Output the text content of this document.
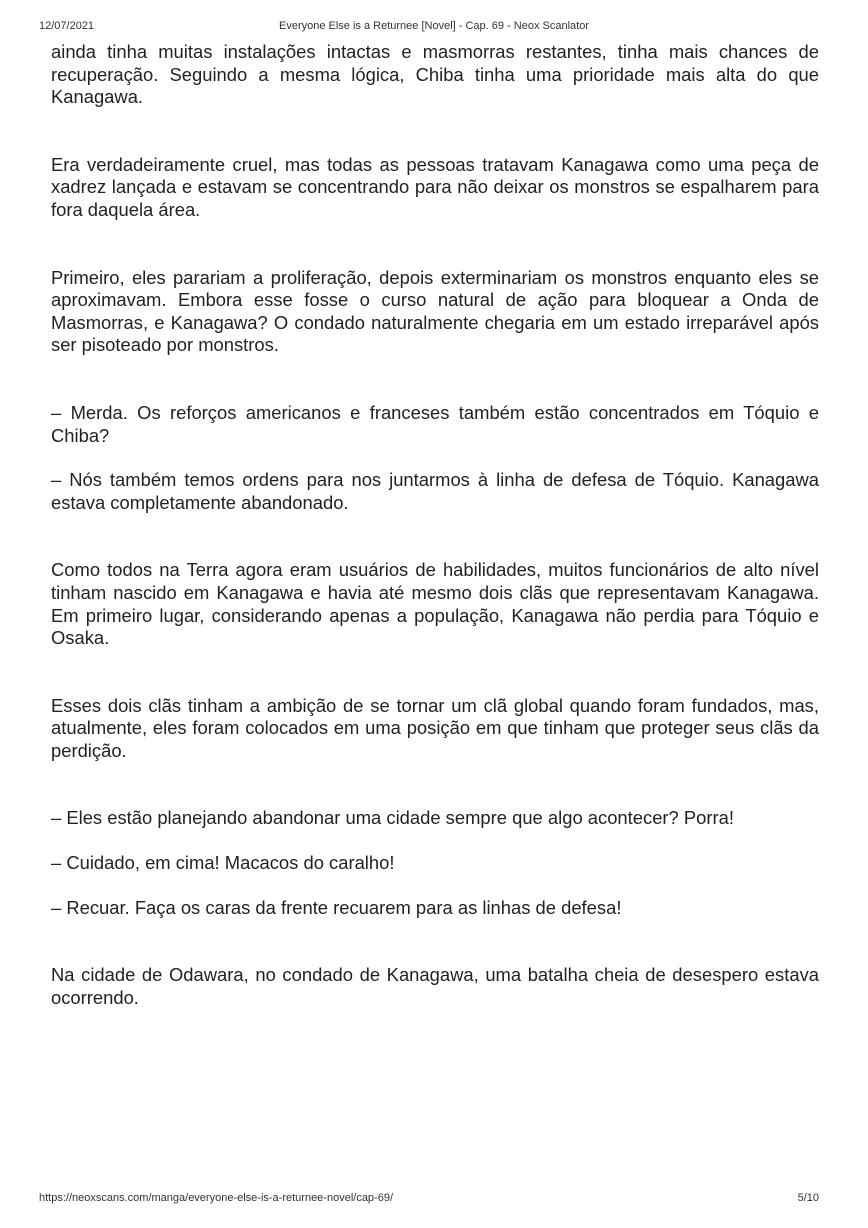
12/07/2021	Everyone Else is a Returnee [Novel] - Cap. 69 - Neox Scanlator

ainda tinha muitas instalações intactas e masmorras restantes, tinha mais chances de recuperação. Seguindo a mesma lógica, Chiba tinha uma prioridade mais alta do que Kanagawa.

Era verdadeiramente cruel, mas todas as pessoas tratavam Kanagawa como uma peça de xadrez lançada e estavam se concentrando para não deixar os monstros se espalharem para fora daquela área.

Primeiro, eles parariam a proliferação, depois exterminariam os monstros enquanto eles se aproximavam. Embora esse fosse o curso natural de ação para bloquear a Onda de Masmorras, e Kanagawa? O condado naturalmente chegaria em um estado irreparável após ser pisoteado por monstros.

– Merda. Os reforços americanos e franceses também estão concentrados em Tóquio e Chiba?

– Nós também temos ordens para nos juntarmos à linha de defesa de Tóquio. Kanagawa estava completamente abandonado.

Como todos na Terra agora eram usuários de habilidades, muitos funcionários de alto nível tinham nascido em Kanagawa e havia até mesmo dois clãs que representavam Kanagawa. Em primeiro lugar, considerando apenas a população, Kanagawa não perdia para Tóquio e Osaka.

Esses dois clãs tinham a ambição de se tornar um clã global quando foram fundados, mas, atualmente, eles foram colocados em uma posição em que tinham que proteger seus clãs da perdição.

– Eles estão planejando abandonar uma cidade sempre que algo acontecer? Porra!

– Cuidado, em cima! Macacos do caralho!

– Recuar. Faça os caras da frente recuarem para as linhas de defesa!

Na cidade de Odawara, no condado de Kanagawa, uma batalha cheia de desespero estava ocorrendo.

https://neoxscans.com/manga/everyone-else-is-a-returnee-novel/cap-69/	5/10
